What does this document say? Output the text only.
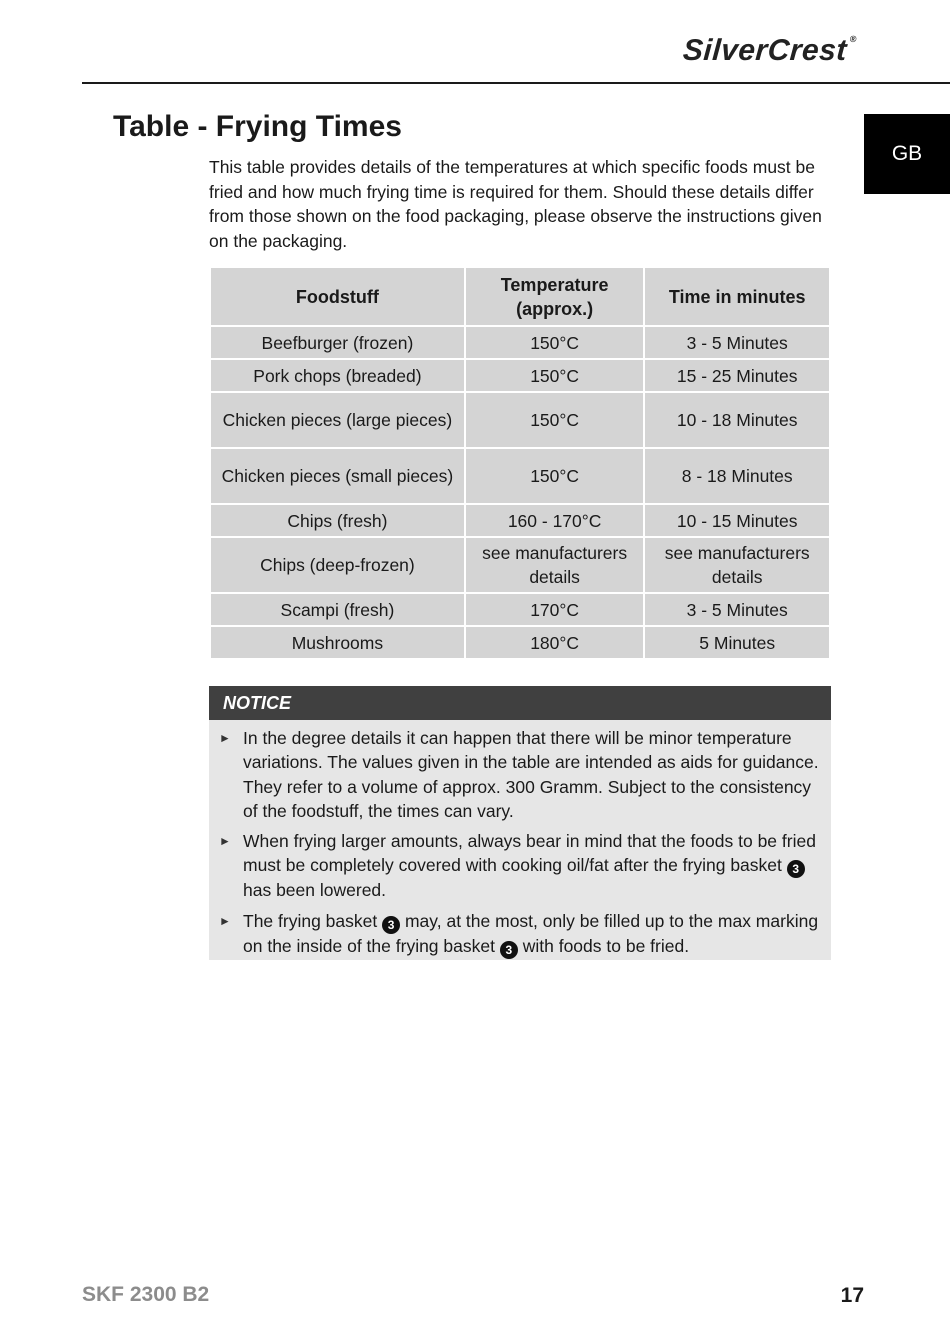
SilverCrest®
GB
Table - Frying Times

This table provides details of the temperatures at which specific foods must be fried and how much frying time is required for them. Should these details differ from those shown on the food packaging, please observe the instructions given on the packaging.

Foodstuff	Temperature (approx.)	Time in minutes
Beefburger (frozen)	150°C	3 - 5 Minutes
Pork chops (breaded)	150°C	15 - 25 Minutes
Chicken pieces (large pieces)	150°C	10 - 18 Minutes
Chicken pieces (small pieces)	150°C	8 - 18 Minutes
Chips (fresh)	160 - 170°C	10 - 15 Minutes
Chips (deep-frozen)	see manufacturers details	see manufacturers details
Scampi (fresh)	170°C	3 - 5 Minutes
Mushrooms	180°C	5 Minutes
NOTICE
► In the degree details it can happen that there will be minor temperature variations. The values given in the table are intended as aids for guidance. They refer to a volume of approx. 300 Gramm. Subject to the consistency of the foodstuff, the times can vary.
► When frying larger amounts, always bear in mind that the foods to be fried must be completely covered with cooking oil/fat after the frying basket 3 has been lowered.
► The frying basket 3 may, at the most, only be filled up to the max marking on the inside of the frying basket 3 with foods to be fried.
SKF 2300 B2	17
